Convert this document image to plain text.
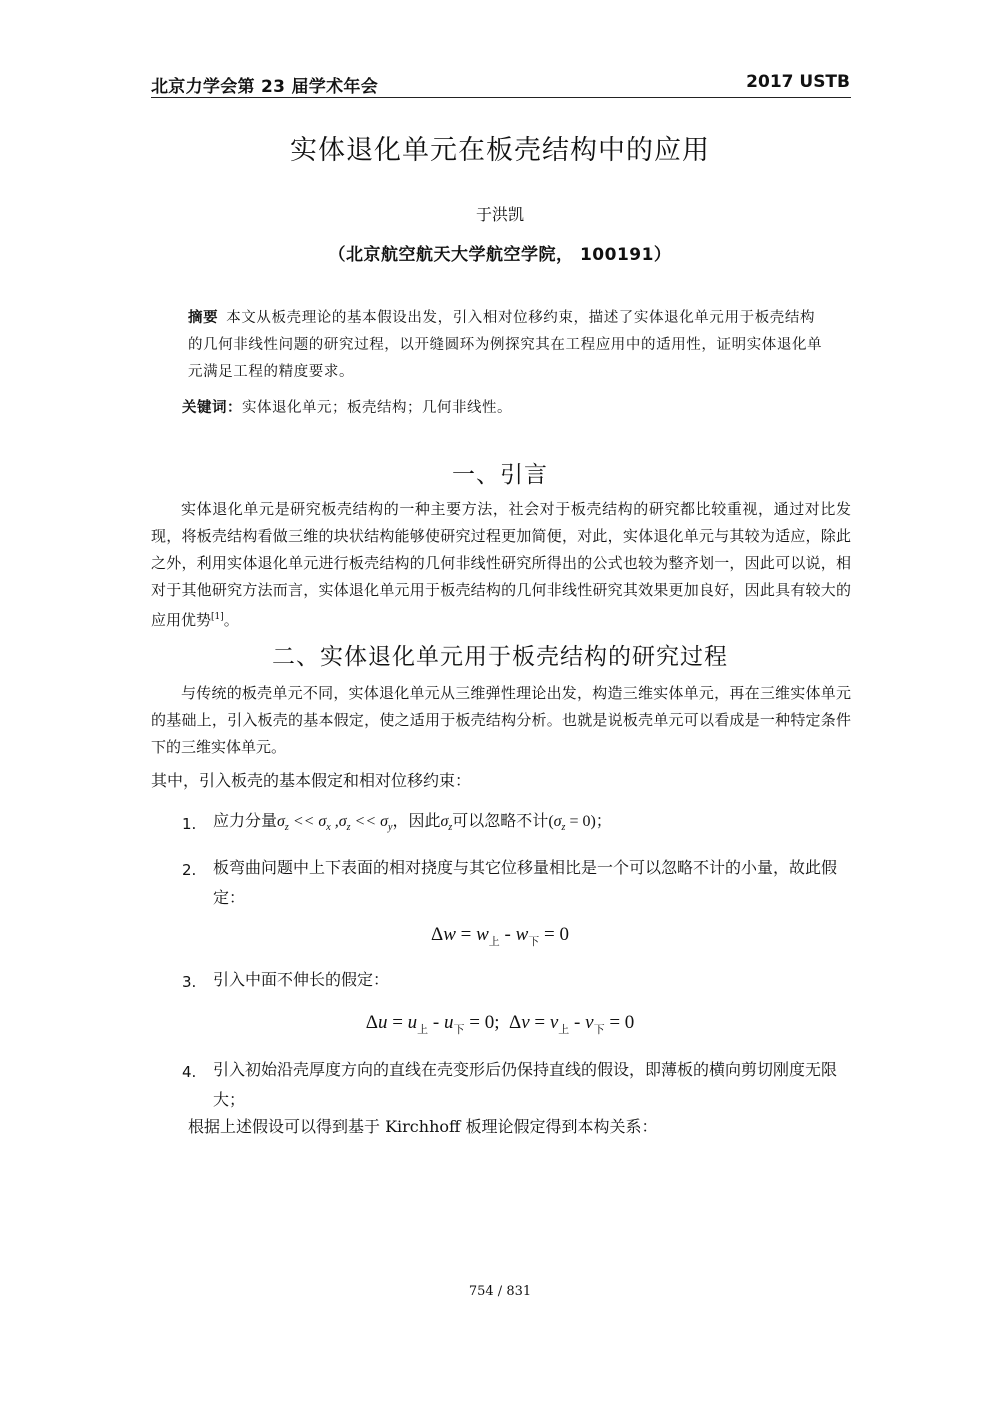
北京力学会第 23 届学术年会	2017 USTB
实体退化单元在板壳结构中的应用
于洪凯
（北京航空航天大学航空学院， 100191）
摘要 本文从板壳理论的基本假设出发，引入相对位移约束，描述了实体退化单元用于板壳结构的几何非线性问题的研究过程，以开缝圆环为例探究其在工程应用中的适用性，证明实体退化单元满足工程的精度要求。
关键词：实体退化单元；板壳结构；几何非线性。
一、引言
实体退化单元是研究板壳结构的一种主要方法，社会对于板壳结构的研究都比较重视，通过对比发现，将板壳结构看做三维的块状结构能够使研究过程更加简便，对此，实体退化单元与其较为适应，除此之外，利用实体退化单元进行板壳结构的几何非线性研究所得出的公式也较为整齐划一，因此可以说，相对于其他研究方法而言，实体退化单元用于板壳结构的几何非线性研究其效果更加良好，因此具有较大的应用优势[1]。
二、实体退化单元用于板壳结构的研究过程
与传统的板壳单元不同，实体退化单元从三维弹性理论出发，构造三维实体单元，再在三维实体单元的基础上，引入板壳的基本假定，使之适用于板壳结构分析。也就是说板壳单元可以看成是一种特定条件下的三维实体单元。
其中，引入板壳的基本假定和相对位移约束：
1. 应力分量$\sigma_z << \sigma_x$ $,\sigma_z << \sigma_y$，因此$\sigma_z$可以忽略不计$(\sigma_z = 0)$；
2. 板弯曲问题中上下表面的相对挠度与其它位移量相比是一个可以忽略不计的小量，故此假定：
$\Delta w = w_上 - w_下 = 0$
3. 引入中面不伸长的假定：
$\Delta u = u_上 - u_下 = 0$; $\Delta v = v_上 - v_下 = 0$
4. 引入初始沿壳厚度方向的直线在壳变形后仍保持直线的假设，即薄板的横向剪切刚度无限大；
根据上述假设可以得到基于 Kirchhoff 板理论假定得到本构关系：
754 / 831
